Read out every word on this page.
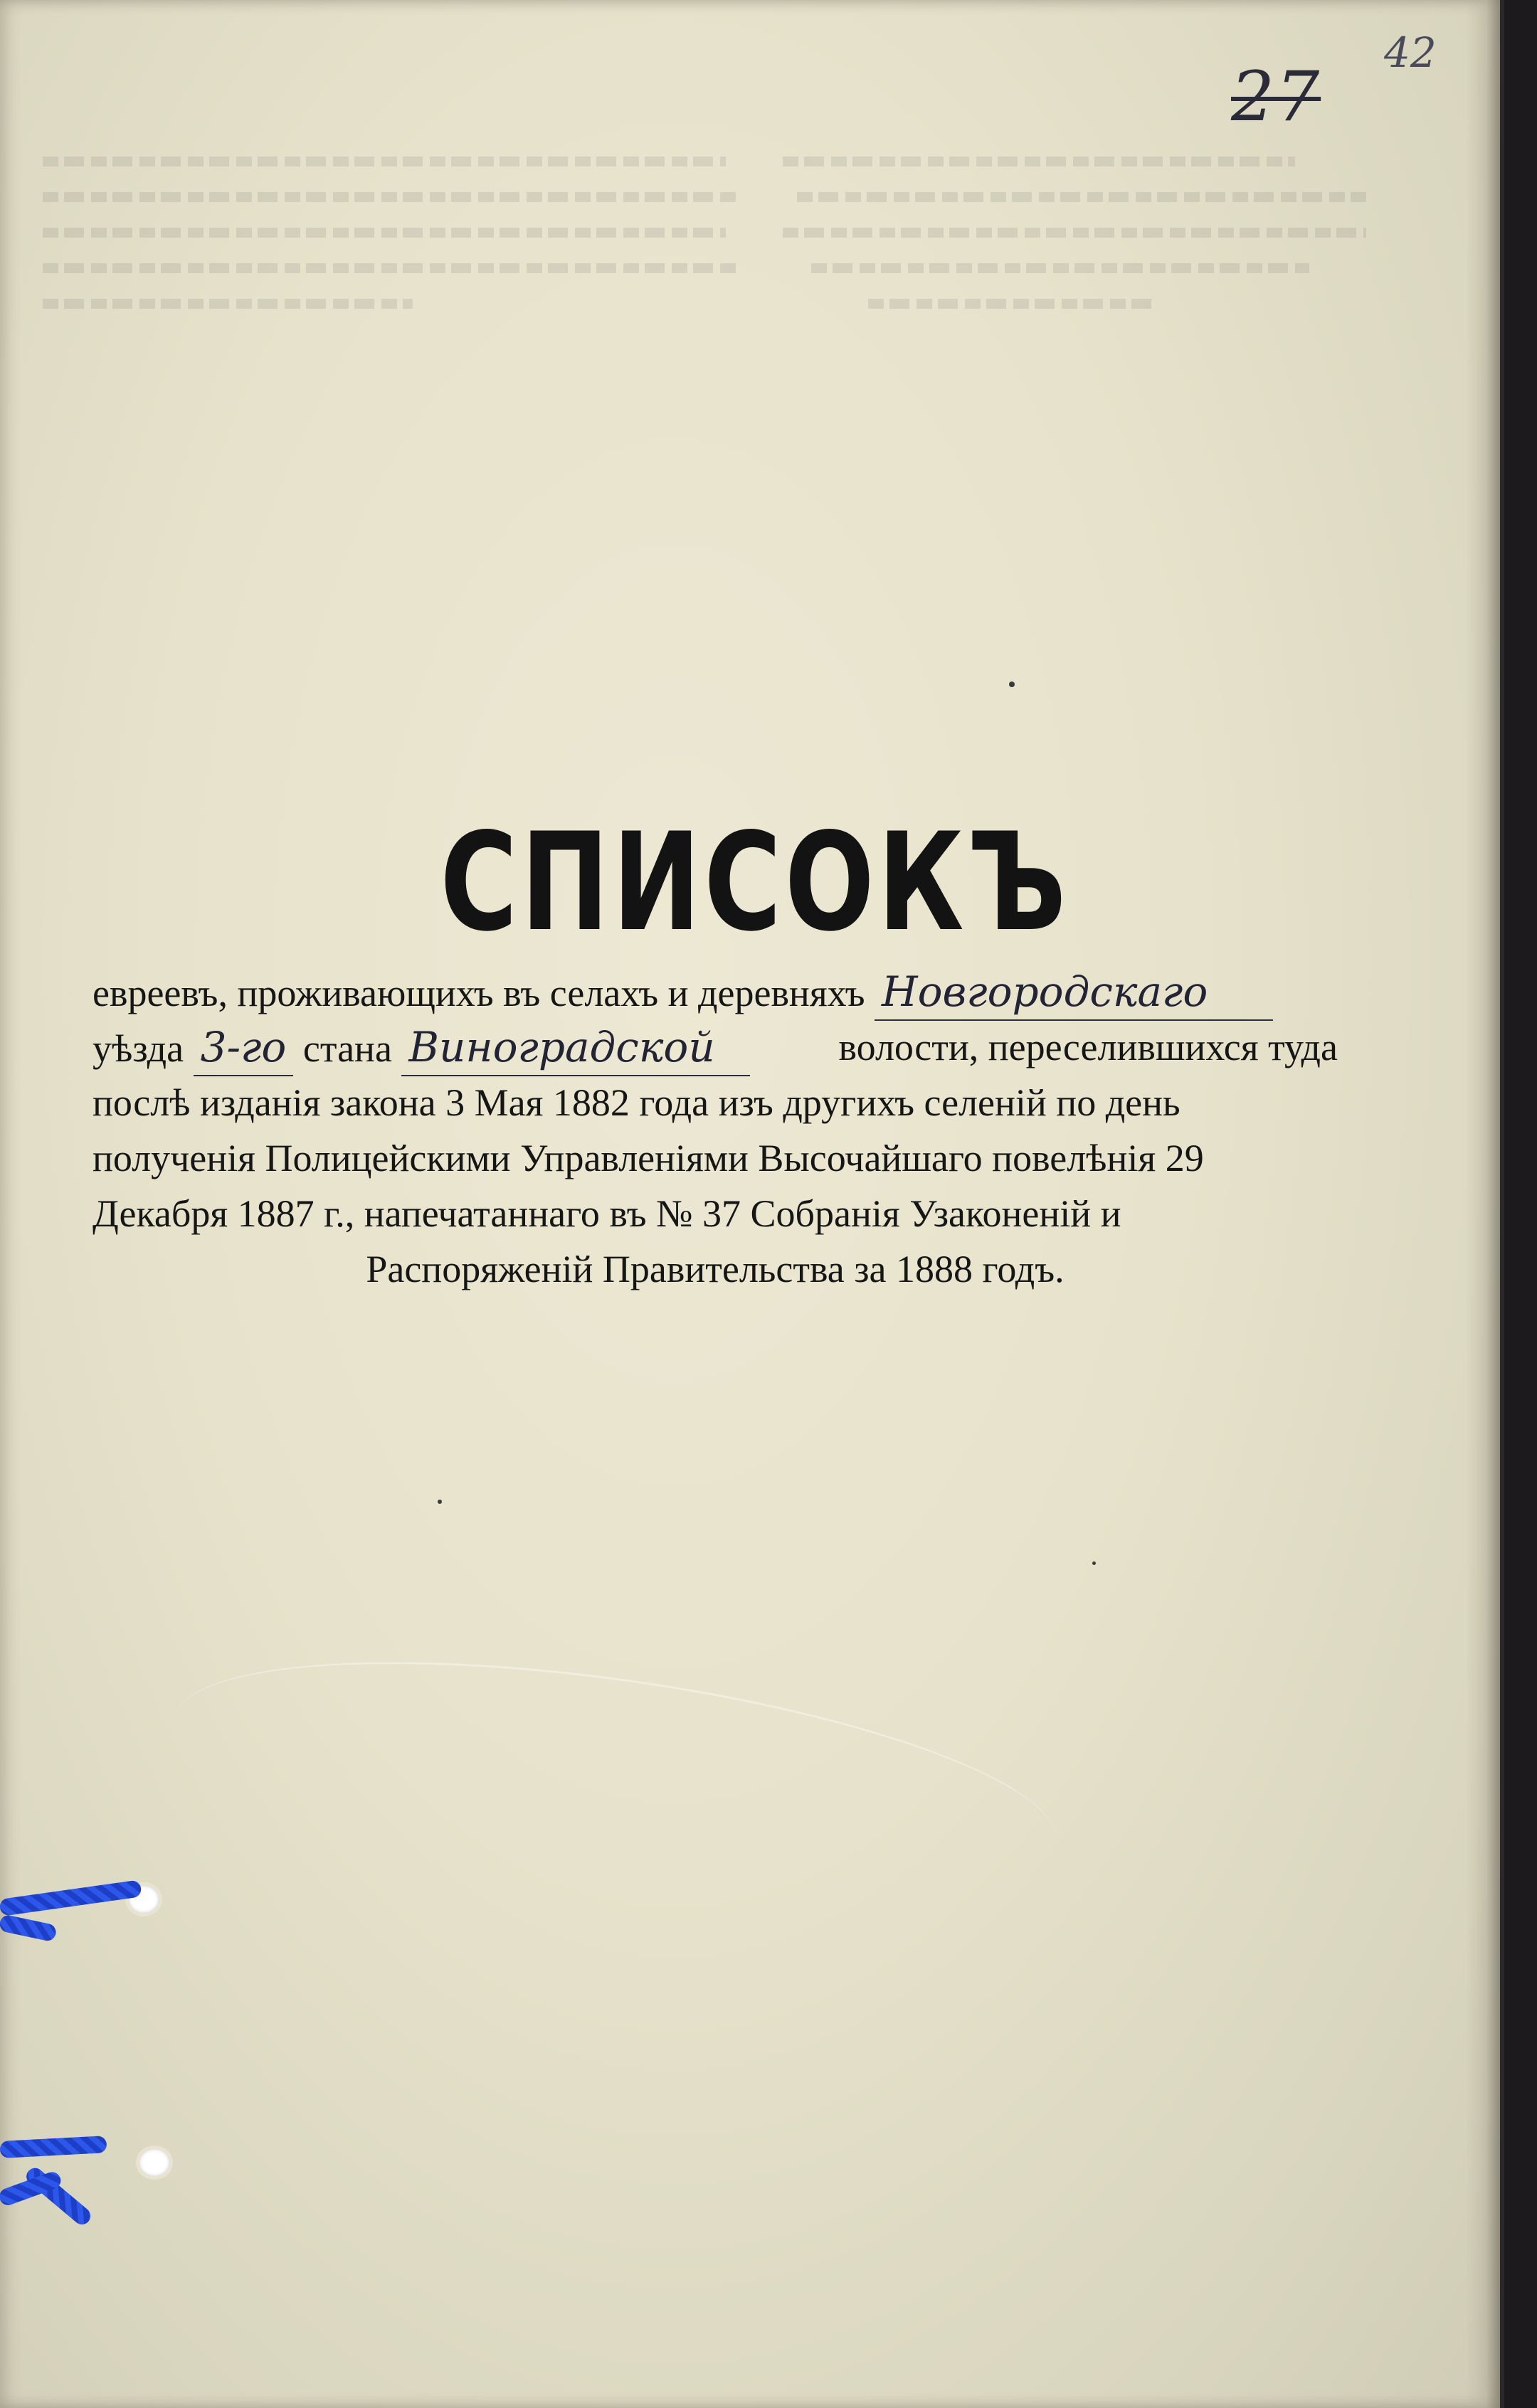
27
42
СПИСОКЪ
евреевъ, проживающихъ въ селахъ и деревняхъ Новгородскаго
уѣзда 3-го стана Виноградской	волости, переселившихся туда
послѣ изданія закона 3 Мая 1882 года изъ другихъ селеній по день
полученія Полицейскими Управленіями Высочайшаго повелѣнія 29
Декабря 1887 г., напечатаннаго въ № 37 Собранія Узаконеній и
Распоряженій Правительства за 1888 годъ.
